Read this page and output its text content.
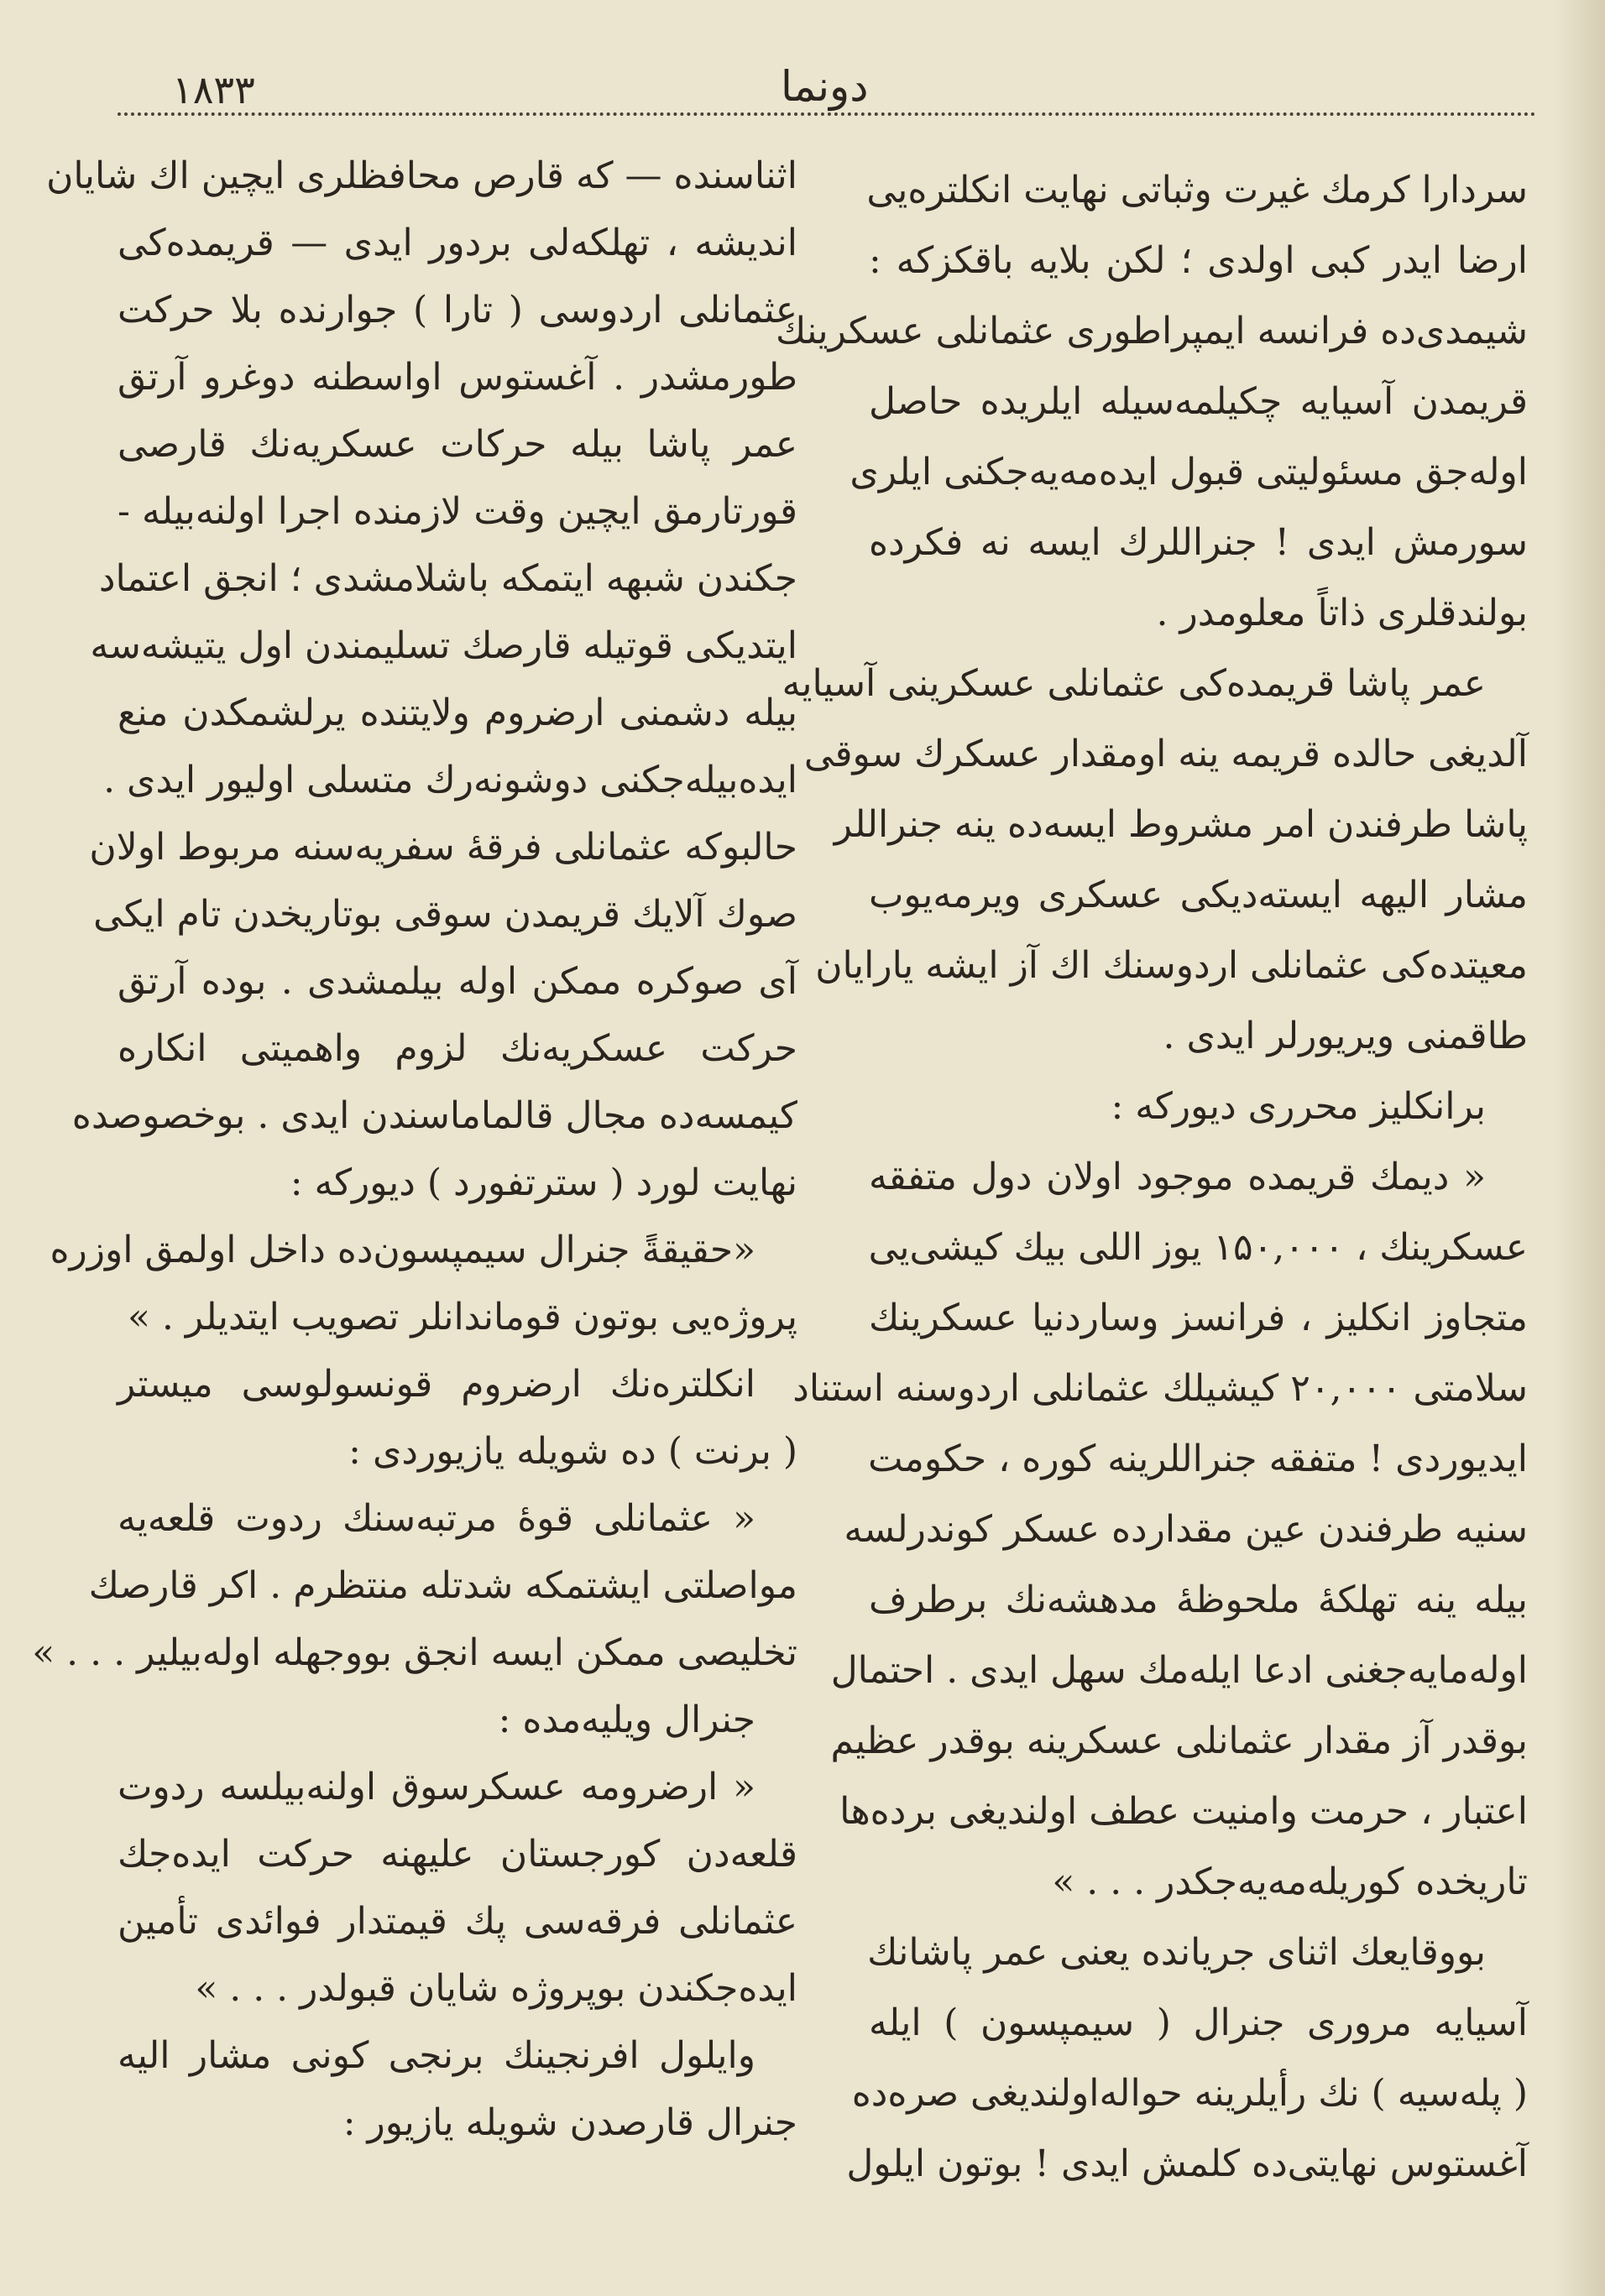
١٨٣٣	دونما
سردارا کرمك غیرت وثباتی نهایت انکلتره‌یی
ارضا ایدر کبی اولدی ؛ لکن بلایه باقکزکه :
شیمدی‌ده فرانسه ایمپراطوری عثمانلی عسکرینك
قریمدن آسیایه چکیلمه‌سیله ایلریده حاصل
اوله‌جق مسئولیتی قبول ایده‌مه‌یه‌جکنی ایلری
سورمش ایدی ! جنراللرك ایسه نه فکرده
بولندقلری ذاتاً معلومدر .
عمر پاشا قریمده‌کی عثمانلی عسکرینی آسیایه
آلدیغی حالده قریمه ینه اومقدار عسکرك سوقی
پاشا طرفندن امر مشروط ایسه‌ده ینه جنراللر
مشار الیهه ایسته‌دیکی عسکری ویرمه‌یوب
معیتده‌کی عثمانلی اردوسنك اك آز ایشه یارایان
طاقمنی ویریورلر ایدی .
برانکلیز محرری دیورکه :
« دیمك قریمده موجود اولان دول متفقه
عسکرینك ، ۱۵۰,۰۰۰ یوز اللی بیك کیشی‌یی
متجاوز انکلیز ، فرانسز وساردنیا عسکرینك
سلامتی ۲۰,۰۰۰ کیشیلك عثمانلی اردوسنه استناد
ایدیوردی ! متفقه جنراللرینه کوره ، حکومت
سنیه طرفندن عین مقدارده عسکر کوندرلسه
بیله ینه تهلکهٔ ملحوظهٔ مدهشه‌نك برطرف
اوله‌مایه‌جغنی ادعا ایله‌مك سهل ایدی . احتمال
بوقدر آز مقدار عثمانلی عسکرینه بوقدر عظیم
اعتبار ، حرمت وامنیت عطف اولندیغی برده‌ها
تاریخده کوریله‌مه‌یه‌جکدر . . . »
بووقایعك اثنای جریانده یعنی عمر پاشانك
آسیایه مروری جنرال ( سیمپسون ) ایله
( پله‌سیه ) نك رأیلرینه حواله‌اولندیغی صره‌ده
آغستوس نهایتی‌ده کلمش ایدی ! بوتون ایلول
اثناسنده — که قارص محافظلری ایچین اك شایان
اندیشه ، تهلکه‌لی بردور ایدی — قریمده‌کی
عثمانلی اردوسی ( تارا ) جوارنده بلا حرکت
طورمشدر . آغستوس اواسطنه دوغرو آرتق
عمر پاشا بیله حرکات عسکریه‌نك قارصی
قورتارمق ایچین وقت لازمنده اجرا اولنه‌بیله -
جکندن شبهه ایتمکه باشلامشدی ؛ انجق اعتماد
ایتدیکی قوتیله قارصك تسلیمندن اول یتیشه‌سه
بیله دشمنی ارضروم ولایتنده یرلشمکدن منع
ایده‌بیله‌جکنی دوشونه‌رك متسلی اولیور ایدی .
حالبوکه عثمانلی فرقهٔ سفریه‌سنه مربوط اولان
صوك آلایك قریمدن سوقی بوتاریخدن تام ایکی
آی صوکره ممکن اوله بیلمشدی . بوده آرتق
حرکت عسکریه‌نك لزوم واهمیتی انکاره
کیمسه‌ده مجال قالماماسندن ایدی . بوخصوصده
نهایت لورد ( سترتفورد ) دیورکه :
«حقیقةً جنرال سیمپسون‌ده داخل اولمق اوزره
پروژه‌یی بوتون قوماندانلر تصویب ایتدیلر . »
انکلتره‌نك ارضروم قونسولوسی میستر
( برنت ) ده شویله یازیوردی :
« عثمانلی قوهٔ مرتبه‌سنك ردوت قلعه‌یه
مواصلتی ایشتمکه شدتله منتظرم . اکر قارصك
تخلیصی ممکن ایسه انجق بووجهله اوله‌بیلیر . . . »
جنرال ویلیه‌مده :
« ارضرومه عسکرسوق اولنه‌بیلسه ردوت
قلعه‌دن کورجستان علیهنه حرکت ایده‌جك
عثمانلی فرقه‌سی پك قیمتدار فوائدی تأمین
ایده‌جکندن بوپروژه شایان قبولدر . . . »
وایلول افرنجینك برنجی کونی مشار الیه
جنرال قارصدن شویله یازیور :
